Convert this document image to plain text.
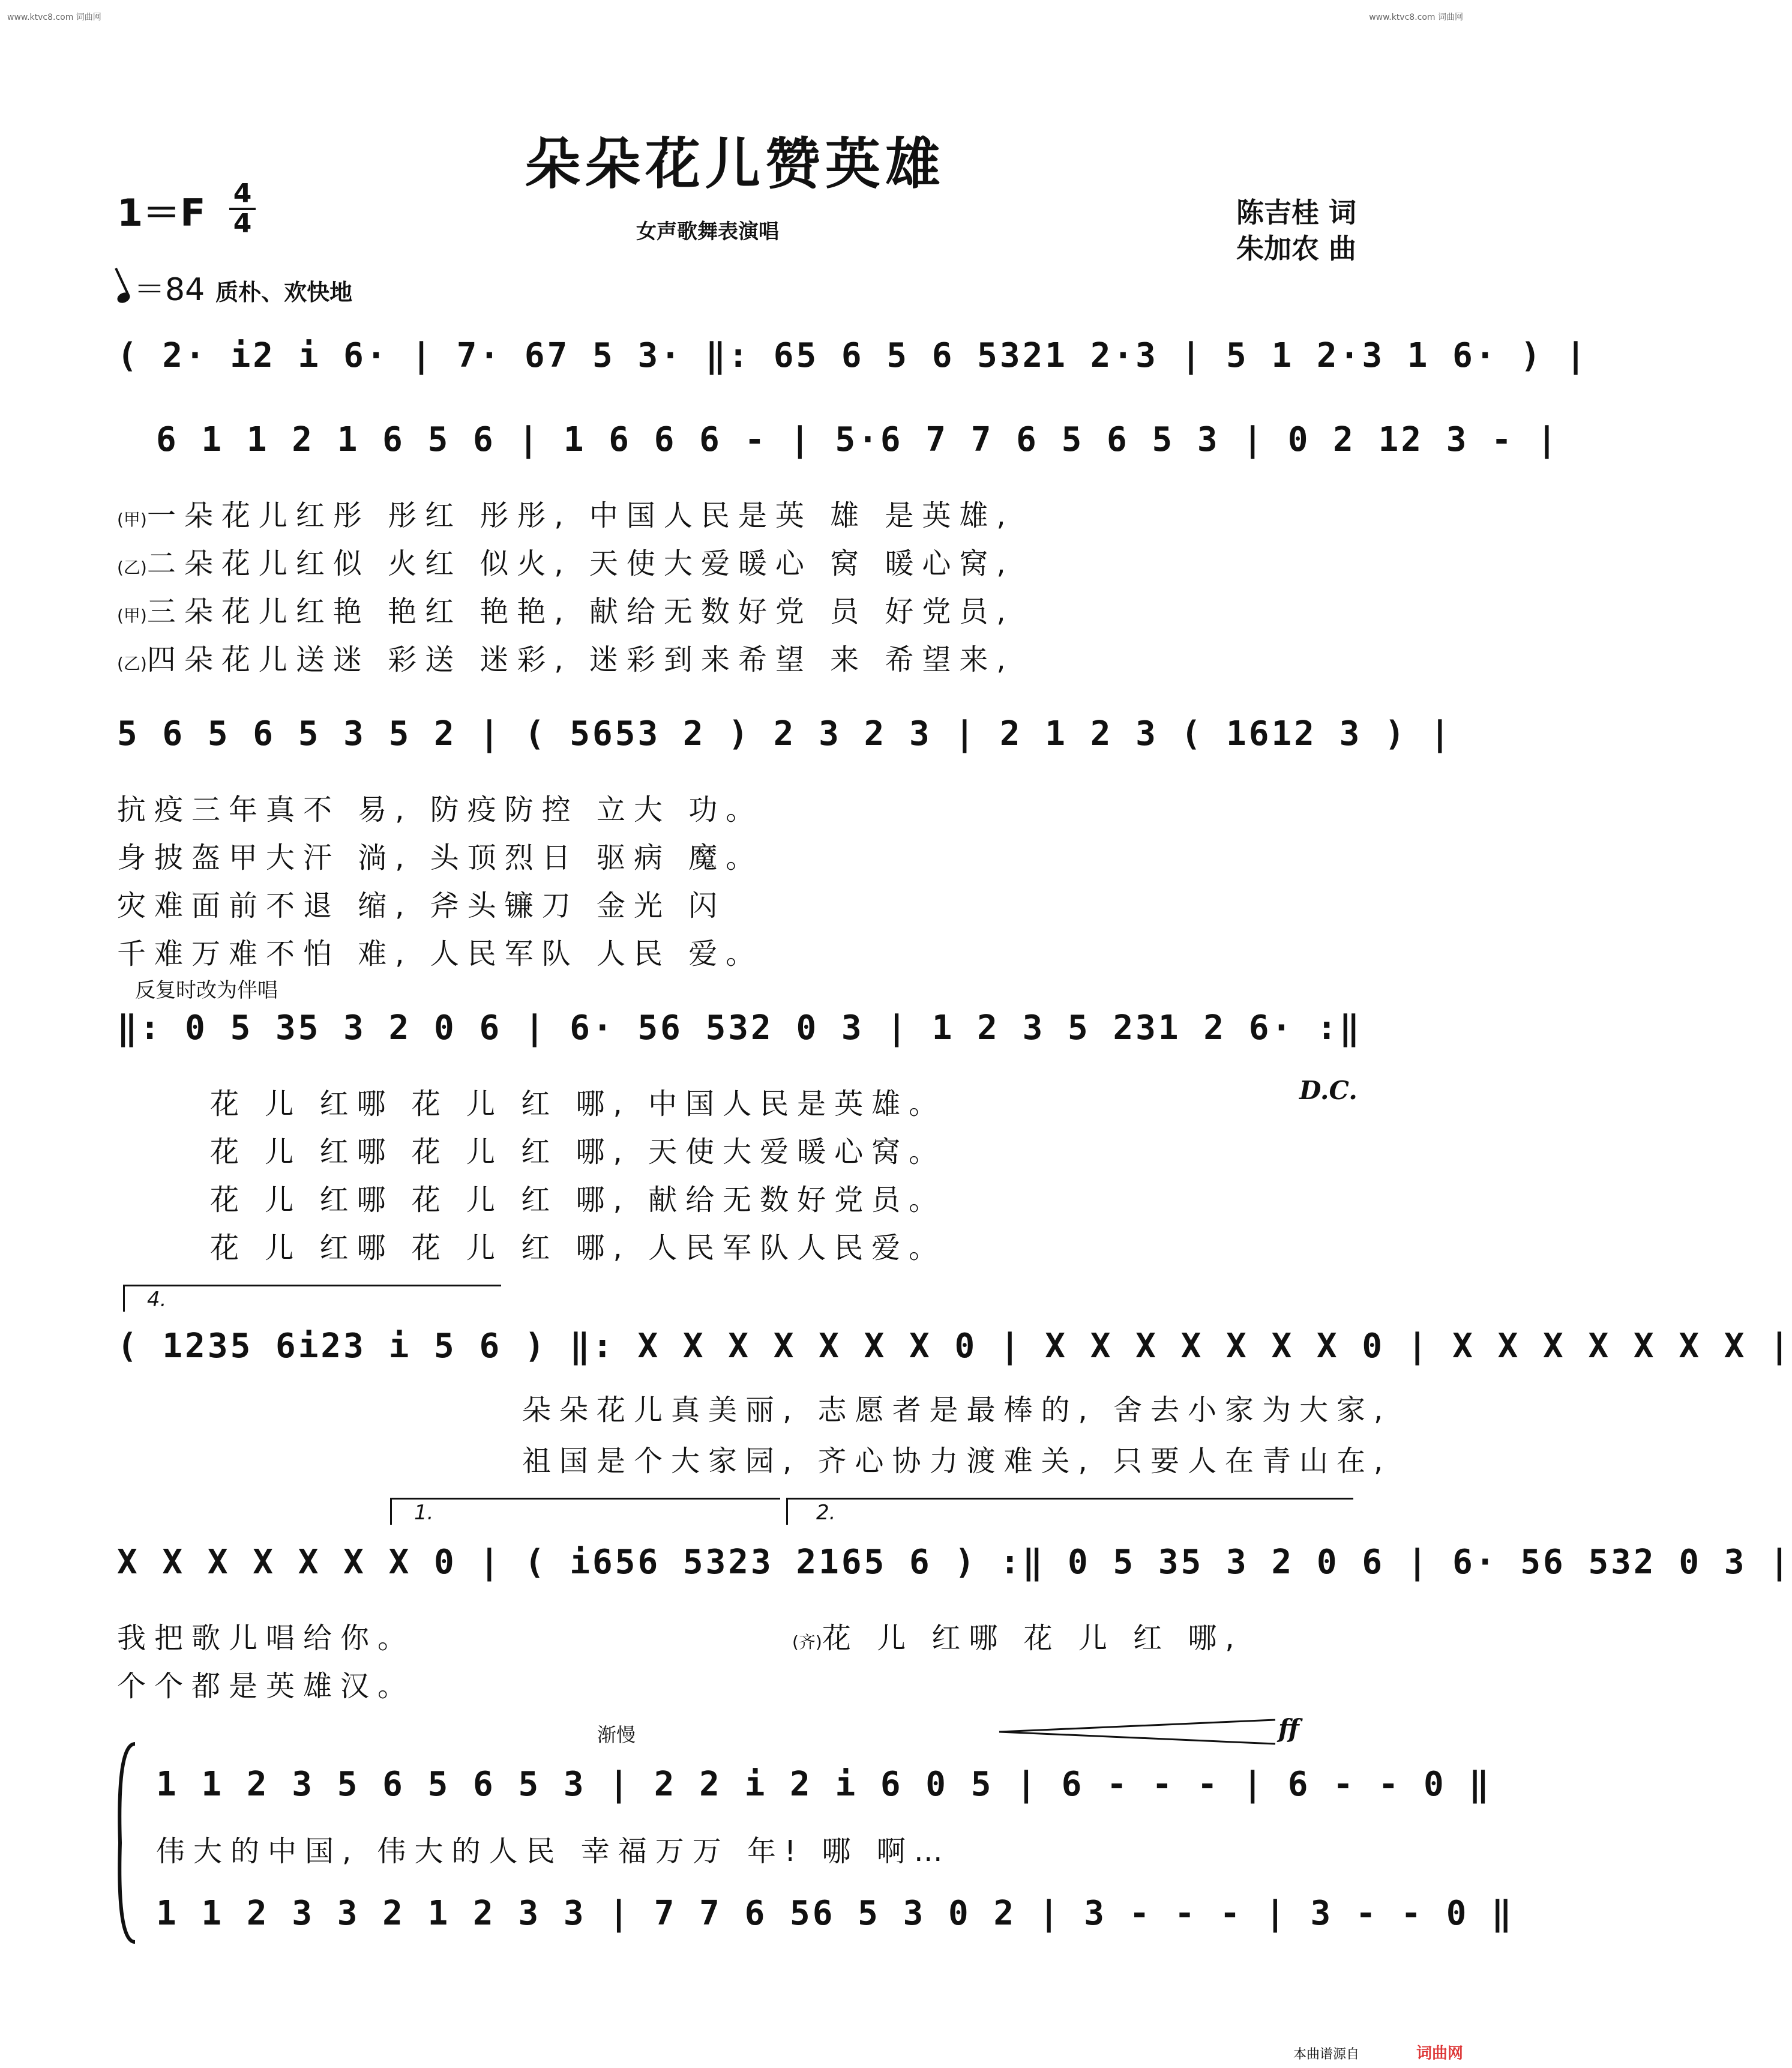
www.ktvc8.com 词曲网	www.ktvc8.com 词曲网
朵朵花儿赞英雄
1＝F 4
4	女声歌舞表演唱
陈吉桂 词
朱加农 曲
＝84 质朴、欢快地
( 2· i2 i 6· | 7· 67 5 3· ‖: 65 6 5 6 5321 2·3 | 5 1 2·3 1 6· ) |
6 1 1 2 1 6 5 6 | 1 6 6 6 - | 5·6 7 7 6 5 6 5 3 | 0 2 12 3 - |
(甲)一朵花儿红彤 彤红 彤彤, 中国人民是英 雄 是英雄,
(乙)二朵花儿红似 火红 似火, 天使大爱暖心 窝 暖心窝,
(甲)三朵花儿红艳 艳红 艳艳, 献给无数好党 员 好党员,
(乙)四朵花儿送迷 彩送 迷彩, 迷彩到来希望 来 希望来,
5 6 5 6 5 3 5 2 | ( 5653 2 ) 2 3 2 3 | 2 1 2 3 ( 1612 3 ) |
抗疫三年真不 易, 防疫防控 立大 功。
身披盔甲大汗 淌, 头顶烈日 驱病 魔。
灾难面前不退 缩, 斧头镰刀 金光 闪
千难万难不怕 难, 人民军队 人民 爱。
反复时改为伴唱
‖: 0 5 35 3 2 0 6 | 6· 56 532 0 3 | 1 2 3 5 231 2 6· :‖
花 儿 红哪 花 儿 红 哪, 中国人民是英雄。	D.C.
花 儿 红哪 花 儿 红 哪, 天使大爱暖心窝。
花 儿 红哪 花 儿 红 哪, 献给无数好党员。
花 儿 红哪 花 儿 红 哪, 人民军队人民爱。
4.
( 1235 6i23 i 5 6 ) ‖: X X X X X X X 0 | X X X X X X X 0 | X X X X X X X |
朵朵花儿真美丽, 志愿者是最棒的, 舍去小家为大家,
祖国是个大家园, 齐心协力渡难关, 只要人在青山在,
1.	2.
X X X X X X X 0 | ( i656 5323 2165 6 ) :‖ 0 5 35 3 2 0 6 | 6· 56 532 0 3 |
我把歌儿唱给你。	(齐)花 儿 红哪 花 儿 红 哪,
个个都是英雄汉。
渐慢	ff
1 1 2 3 5 6 5 6 5 3 | 2 2 i 2 i 6 0 5 | 6 - - - | 6 - - 0 ‖
伟大的中国, 伟大的人民 幸福万万 年! 哪 啊…
1 1 2 3 3 2 1 2 3 3 | 7 7 6 56 5 3 0 2 | 3 - - - | 3 - - 0 ‖
本曲谱源自	词曲网
